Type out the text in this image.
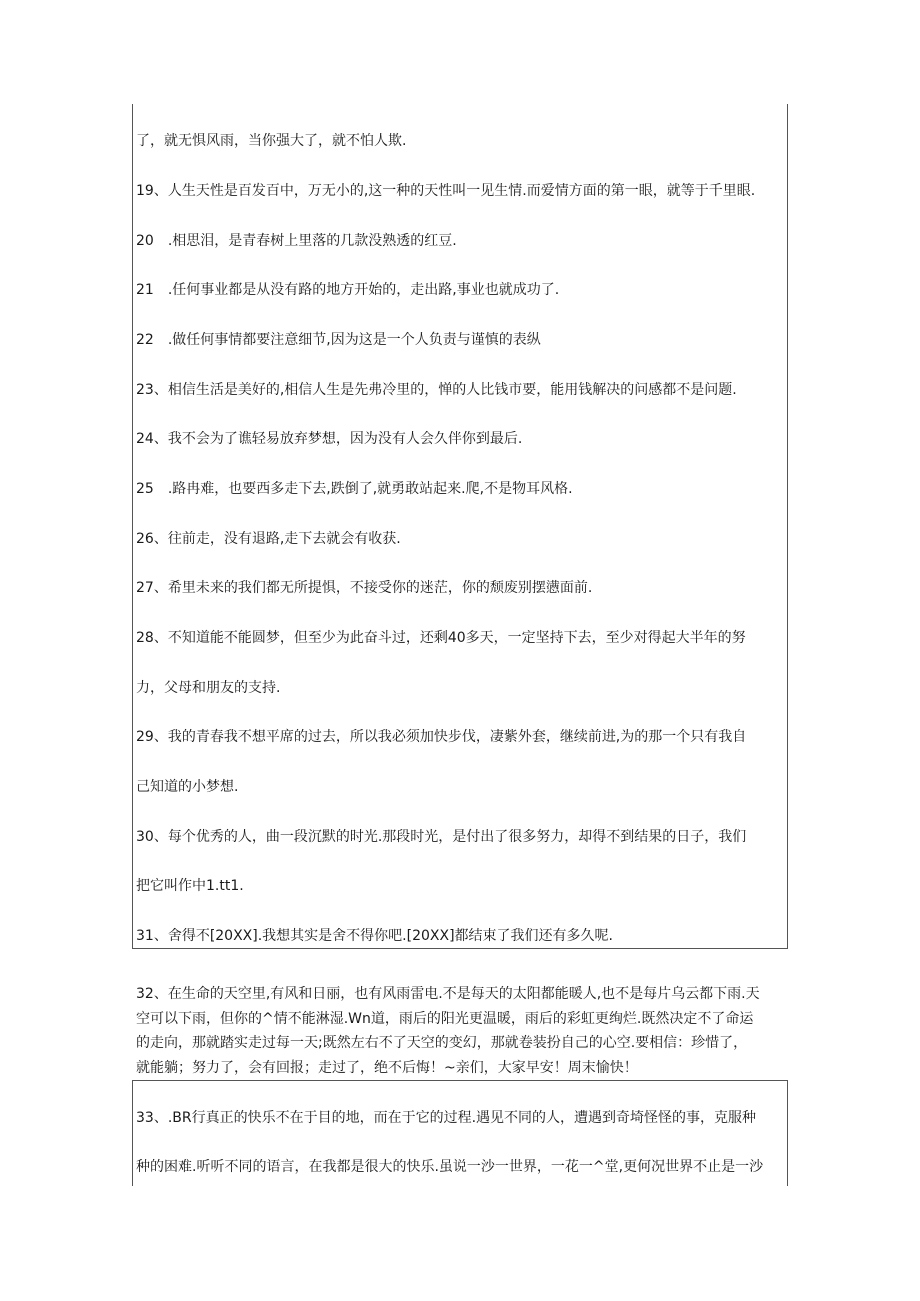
了，就无惧风雨，当你强大了，就不怕人欺.
19、人生天性是百发百中，万无小的,这一种的天性叫一见生情.而爱情方面的第一眼，就等于千里眼.
20　.相思泪，是青春树上里落的几款没熟透的红豆.
21　.任何事业都是从没有路的地方开始的，走出路,事业也就成功了.
22　.做任何事情都要注意细节,因为这是一个人负责与谨慎的表纵
23、相信生活是美好的,相信人生是先弗冷里的，惮的人比钱市要，能用钱解决的问感都不是问题.
24、我不会为了谯轻易放弃梦想，因为没有人会久伴你到最后.
25　.路冉难，也要西多走下去,跌倒了,就勇敢站起来.爬,不是物耳风格.
26、往前走，没有退路,走下去就会有收获.
27、希里未来的我们都无所提惧，不接受你的迷茫，你的颓废别摆懑面前.
28、不知道能不能圆梦，但至少为此奋斗过，还剩40多天，一定坚持下去，至少对得起大半年的努
力，父母和朋友的支持.
29、我的青春我不想平席的过去，所以我必须加快步伐，凄紫外套，继续前进,为的那一个只有我自
己知道的小梦想.
30、每个优秀的人，曲一段沉默的时光.那段时光，是付出了很多努力，却得不到结果的日子，我们
把它叫作中1.tt1.
31、舍得不[20XX].我想其实是舍不得你吧.[20XX]都结束了我们还有多久呢.
32、在生命的天空里,有风和日丽，也有风雨雷电.不是每天的太阳都能暖人,也不是每片乌云都下雨.天
空可以下雨，但你的^情不能淋湿.Wn道，雨后的阳光更温暖，雨后的彩虹更绚烂.既然决定不了命运
的走向，那就踏实走过每一天;既然左右不了天空的变幻，那就卷装扮自己的心空.要相信：珍惜了，
就能躺；努力了，会有回报；走过了，绝不后悔！~亲们，大家早安！周末愉快！
33、.BR行真正的快乐不在于目的地，而在于它的过程.遇见不同的人，遭遇到奇埼怪怪的事，克服种
种的困难.听听不同的语言，在我都是很大的快乐.虽说一沙一世界，一花一^堂,更何况世界不止是一沙
